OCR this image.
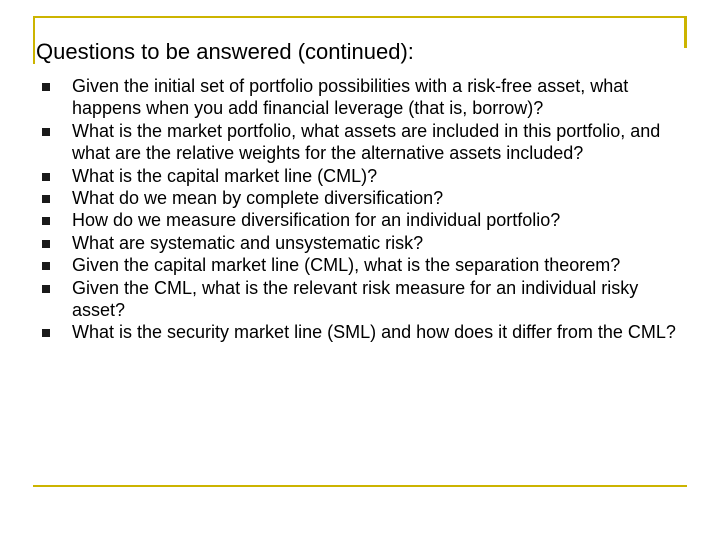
Questions to be answered (continued):
Given the initial set of portfolio possibilities with a risk-free asset, what happens when you add financial leverage (that is, borrow)?
What is the market portfolio, what assets are included in this portfolio, and what are the relative weights for the alternative assets included?
What is the capital market line (CML)?
What do we mean by complete diversification?
How do we measure diversification for an individual portfolio?
What are systematic and unsystematic risk?
Given the capital market line (CML), what is the separation theorem?
Given the CML, what is the relevant risk measure for an individual risky asset?
What is the security market line (SML) and how does it differ from the CML?
